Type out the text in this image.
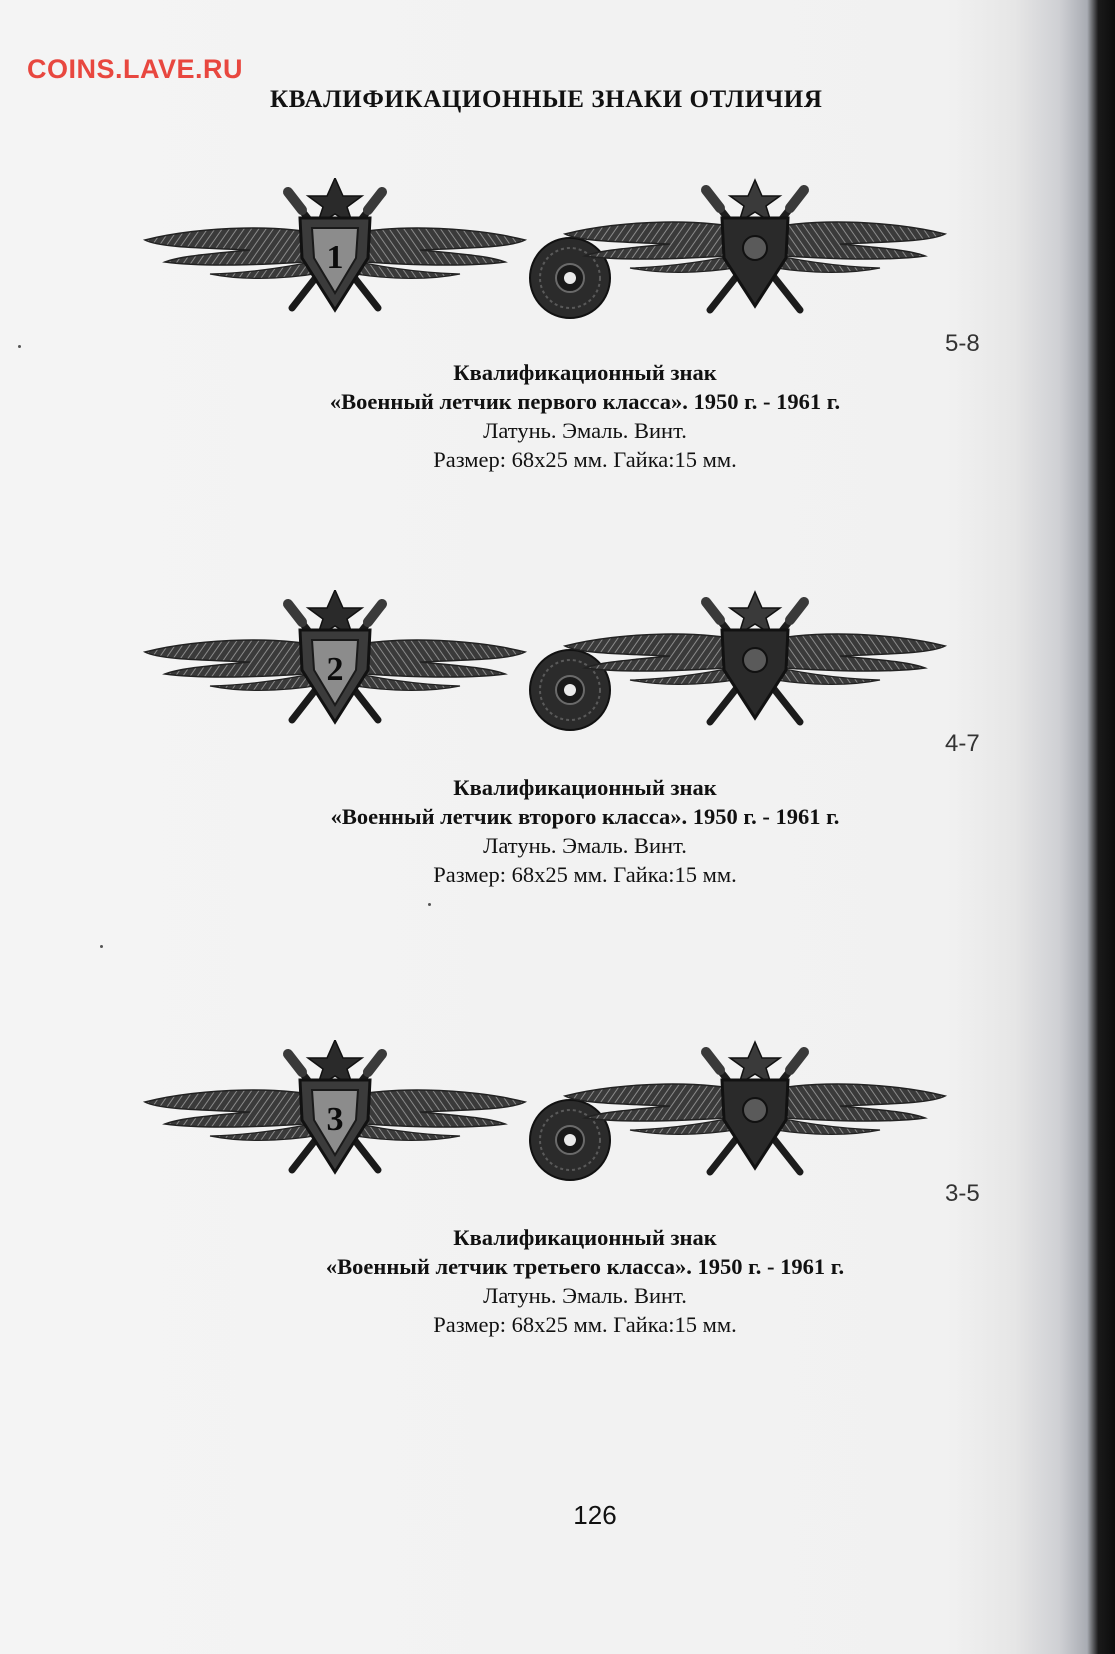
COINS.LAVE.RU
КВАЛИФИКАЦИОННЫЕ ЗНАКИ ОТЛИЧИЯ
1
5-8
Квалификационный знак
«Военный летчик первого класса». 1950 г. - 1961 г.
Латунь. Эмаль. Винт.
Размер: 68x25 мм. Гайка:15 мм.
2
4-7
Квалификационный знак
«Военный летчик второго класса». 1950 г. - 1961 г.
Латунь. Эмаль. Винт.
Размер: 68x25 мм. Гайка:15 мм.
3
3-5
Квалификационный знак
«Военный летчик третьего класса». 1950 г. - 1961 г.
Латунь. Эмаль. Винт.
Размер: 68x25 мм. Гайка:15 мм.
126
